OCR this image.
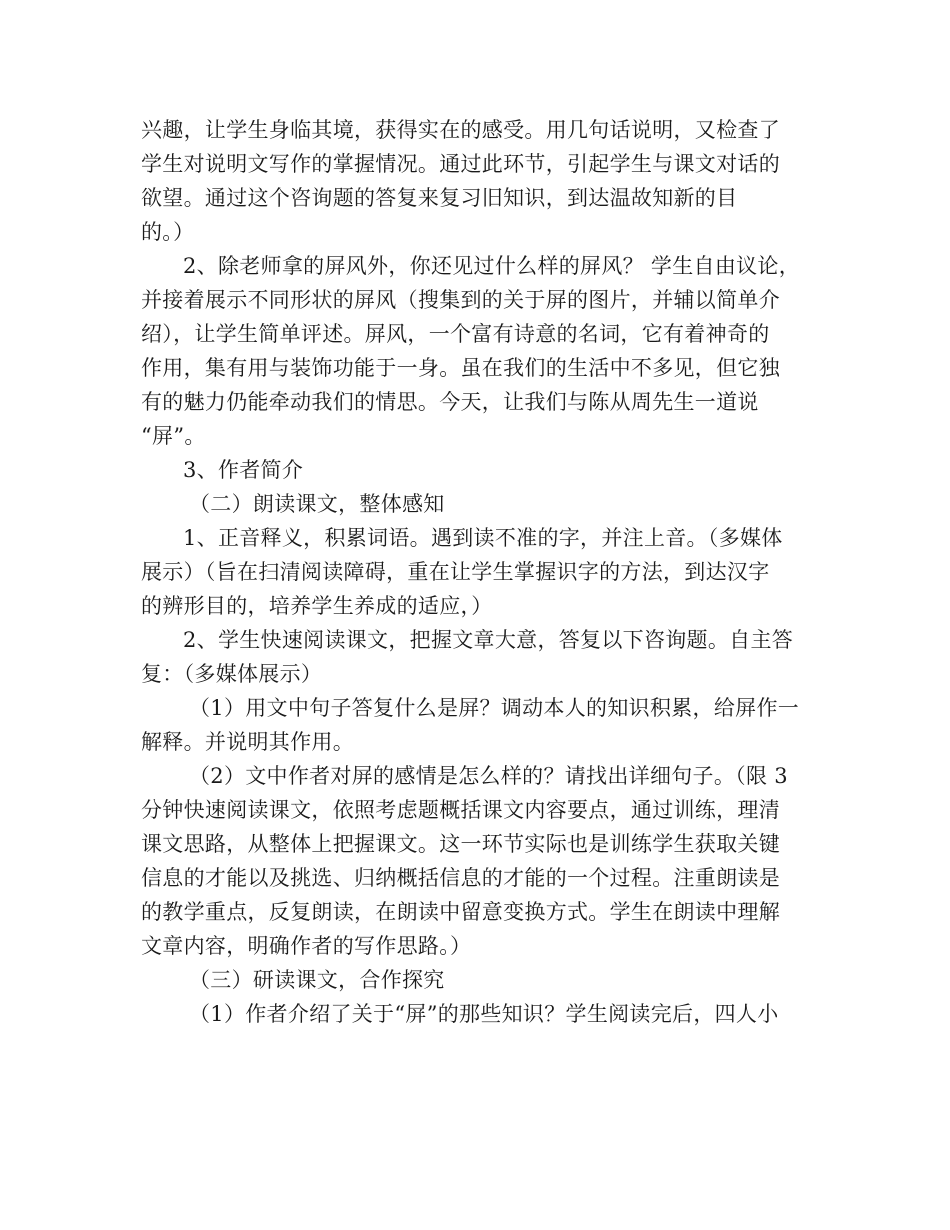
兴趣，让学生身临其境，获得实在的感受。用几句话说明，又检查了
学生对说明文写作的掌握情况。通过此环节，引起学生与课文对话的
欲望。通过这个咨询题的答复来复习旧知识，到达温故知新的目
的。）
2、除老师拿的屏风外，你还见过什么样的屏风？ 学生自由议论，
并接着展示不同形状的屏风（搜集到的关于屏的图片，并辅以简单介
绍），让学生简单评述。屏风，一个富有诗意的名词，它有着神奇的
作用，集有用与装饰功能于一身。虽在我们的生活中不多见，但它独
有的魅力仍能牵动我们的情思。今天，让我们与陈从周先生一道说
“屏”。
3、作者简介
（二）朗读课文，整体感知
1、正音释义，积累词语。遇到读不准的字，并注上音。（多媒体
展示）（旨在扫清阅读障碍，重在让学生掌握识字的方法，到达汉字
的辨形目的，培养学生养成的适应，）
2、学生快速阅读课文，把握文章大意，答复以下咨询题。自主答
复：（多媒体展示）
（1）用文中句子答复什么是屏？调动本人的知识积累，给屏作一
解释。并说明其作用。
（2）文中作者对屏的感情是怎么样的？请找出详细句子。（限 3
分钟快速阅读课文，依照考虑题概括课文内容要点，通过训练，理清
课文思路，从整体上把握课文。这一环节实际也是训练学生获取关键
信息的才能以及挑选、归纳概括信息的才能的一个过程。注重朗读是
的教学重点，反复朗读，在朗读中留意变换方式。学生在朗读中理解
文章内容，明确作者的写作思路。）
（三）研读课文，合作探究
（1）作者介绍了关于“屏”的那些知识？学生阅读完后，四人小
